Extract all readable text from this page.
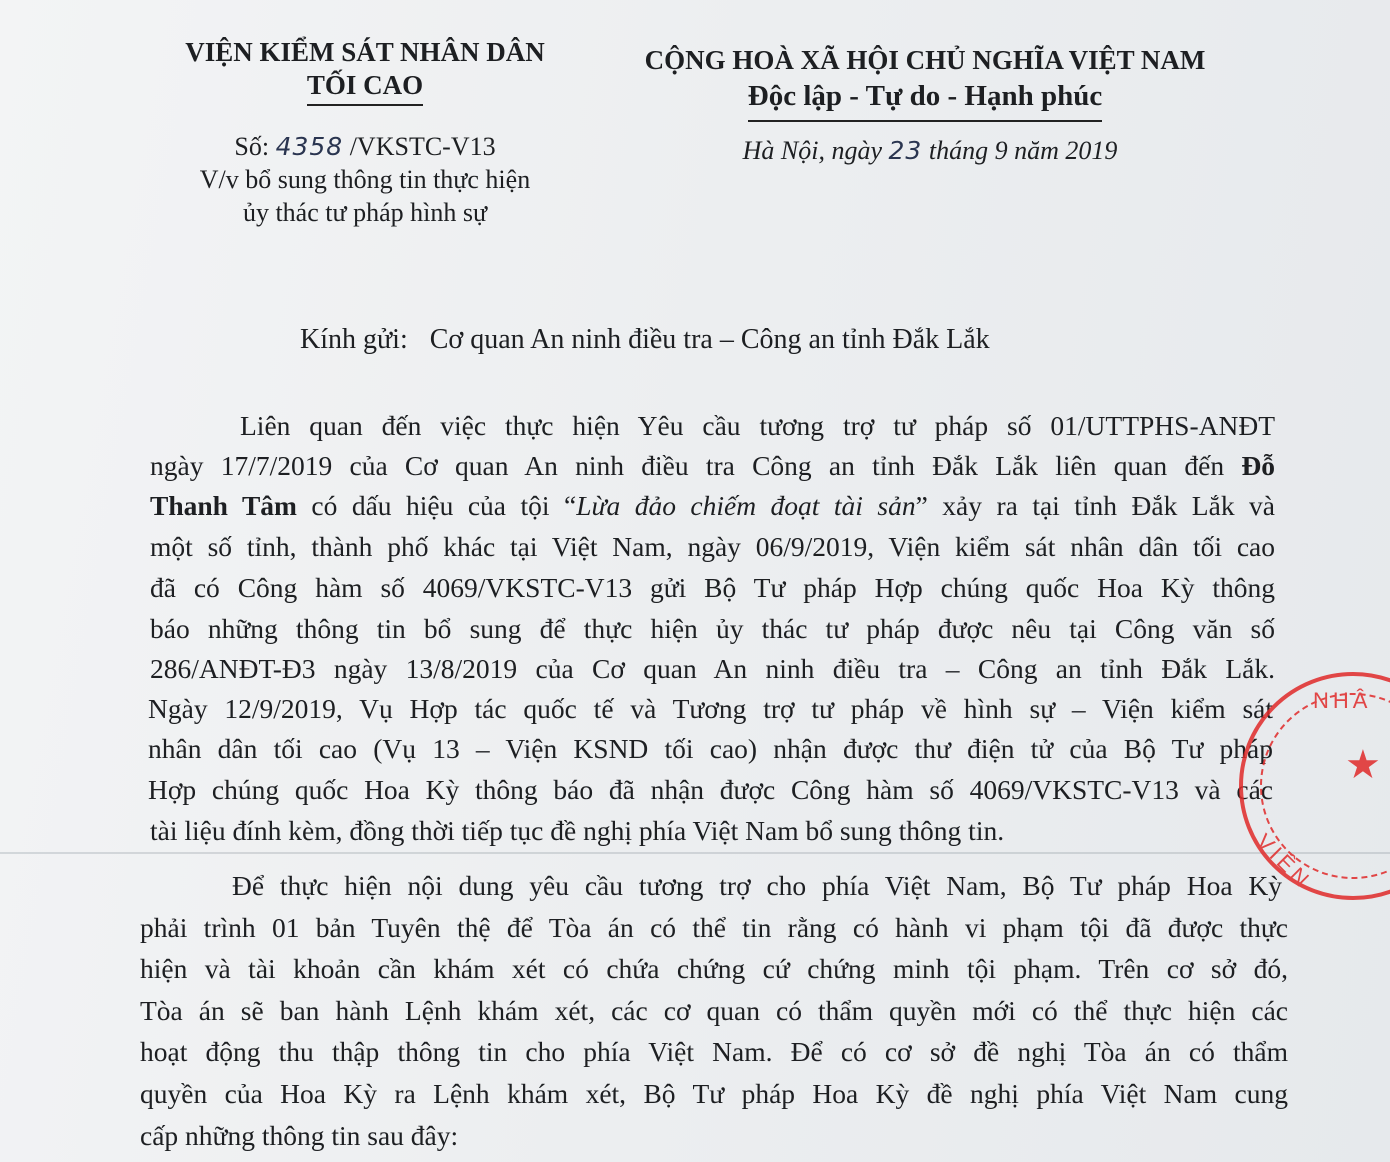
VIỆN KIỂM SÁT NHÂN DÂN
TỐI CAO
CỘNG HOÀ XÃ HỘI CHỦ NGHĨA VIỆT NAM
Độc lập - Tự do - Hạnh phúc
Số: 4358 /VKSTC-V13
V/v bổ sung thông tin thực hiện
ủy thác tư pháp hình sự
Hà Nội, ngày 23 tháng 9 năm 2019
Kính gửi: Cơ quan An ninh điều tra – Công an tỉnh Đắk Lắk
Liên quan đến việc thực hiện Yêu cầu tương trợ tư pháp số 01/UTTPHS-ANĐT
ngày 17/7/2019 của Cơ quan An ninh điều tra Công an tỉnh Đắk Lắk liên quan đến Đỗ
Thanh Tâm có dấu hiệu của tội “Lừa đảo chiếm đoạt tài sản” xảy ra tại tỉnh Đắk Lắk và
một số tỉnh, thành phố khác tại Việt Nam, ngày 06/9/2019, Viện kiểm sát nhân dân tối cao
đã có Công hàm số 4069/VKSTC-V13 gửi Bộ Tư pháp Hợp chúng quốc Hoa Kỳ thông
báo những thông tin bổ sung để thực hiện ủy thác tư pháp được nêu tại Công văn số
286/ANĐT-Đ3 ngày 13/8/2019 của Cơ quan An ninh điều tra – Công an tỉnh Đắk Lắk.
Ngày 12/9/2019, Vụ Hợp tác quốc tế và Tương trợ tư pháp về hình sự – Viện kiểm sát
nhân dân tối cao (Vụ 13 – Viện KSND tối cao) nhận được thư điện tử của Bộ Tư pháp
Hợp chúng quốc Hoa Kỳ thông báo đã nhận được Công hàm số 4069/VKSTC-V13 và các
tài liệu đính kèm, đồng thời tiếp tục đề nghị phía Việt Nam bổ sung thông tin.
Để thực hiện nội dung yêu cầu tương trợ cho phía Việt Nam, Bộ Tư pháp Hoa Kỳ
phải trình 01 bản Tuyên thệ để Tòa án có thể tin rằng có hành vi phạm tội đã được thực
hiện và tài khoản cần khám xét có chứa chứng cứ chứng minh tội phạm. Trên cơ sở đó,
Tòa án sẽ ban hành Lệnh khám xét, các cơ quan có thẩm quyền mới có thể thực hiện các
hoạt động thu thập thông tin cho phía Việt Nam. Để có cơ sở đề nghị Tòa án có thẩm
quyền của Hoa Kỳ ra Lệnh khám xét, Bộ Tư pháp Hoa Kỳ đề nghị phía Việt Nam cung
cấp những thông tin sau đây:
★
NHÂ
VIỆN
